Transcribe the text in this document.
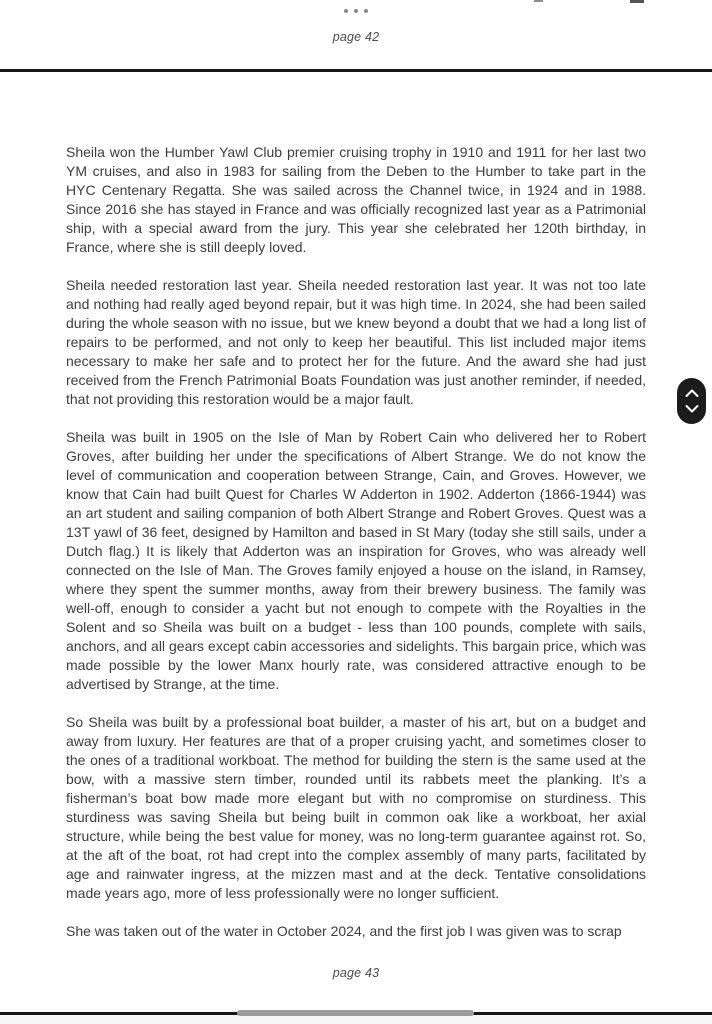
page 42

Sheila won the Humber Yawl Club premier cruising trophy in 1910 and 1911 for her last two YM cruises, and also in 1983 for sailing from the Deben to the Humber to take part in the HYC Centenary Regatta. She was sailed across the Channel twice, in 1924 and in 1988. Since 2016 she has stayed in France and was officially recognized last year as a Patrimonial ship, with a special award from the jury. This year she celebrated her 120th birthday, in France, where she is still deeply loved.

Sheila needed restoration last year. Sheila needed restoration last year. It was not too late and nothing had really aged beyond repair, but it was high time. In 2024, she had been sailed during the whole season with no issue, but we knew beyond a doubt that we had a long list of repairs to be performed, and not only to keep her beautiful. This list included major items necessary to make her safe and to protect her for the future. And the award she had just received from the French Patrimonial Boats Foundation was just another reminder, if needed, that not providing this restoration would be a major fault.

Sheila was built in 1905 on the Isle of Man by Robert Cain who delivered her to Robert Groves, after building her under the specifications of Albert Strange. We do not know the level of communication and cooperation between Strange, Cain, and Groves. However, we know that Cain had built Quest for Charles W Adderton in 1902. Adderton (1866-1944) was an art student and sailing companion of both Albert Strange and Robert Groves. Quest was a 13T yawl of 36 feet, designed by Hamilton and based in St Mary (today she still sails, under a Dutch flag.) It is likely that Adderton was an inspiration for Groves, who was already well connected on the Isle of Man. The Groves family enjoyed a house on the island, in Ramsey, where they spent the summer months, away from their brewery business. The family was well-off, enough to consider a yacht but not enough to compete with the Royalties in the Solent and so Sheila was built on a budget - less than 100 pounds, complete with sails, anchors, and all gears except cabin accessories and sidelights. This bargain price, which was made possible by the lower Manx hourly rate, was considered attractive enough to be advertised by Strange, at the time.

So Sheila was built by a professional boat builder, a master of his art, but on a budget and away from luxury. Her features are that of a proper cruising yacht, and sometimes closer to the ones of a traditional workboat. The method for building the stern is the same used at the bow, with a massive stern timber, rounded until its rabbets meet the planking. It’s a fisherman’s boat bow made more elegant but with no compromise on sturdiness. This sturdiness was saving Sheila but being built in common oak like a workboat, her axial structure, while being the best value for money, was no long-term guarantee against rot. So, at the aft of the boat, rot had crept into the complex assembly of many parts, facilitated by age and rainwater ingress, at the mizzen mast and at the deck. Tentative consolidations made years ago, more of less professionally were no longer sufficient.

She was taken out of the water in October 2024, and the first job I was given was to scrap

page 43
